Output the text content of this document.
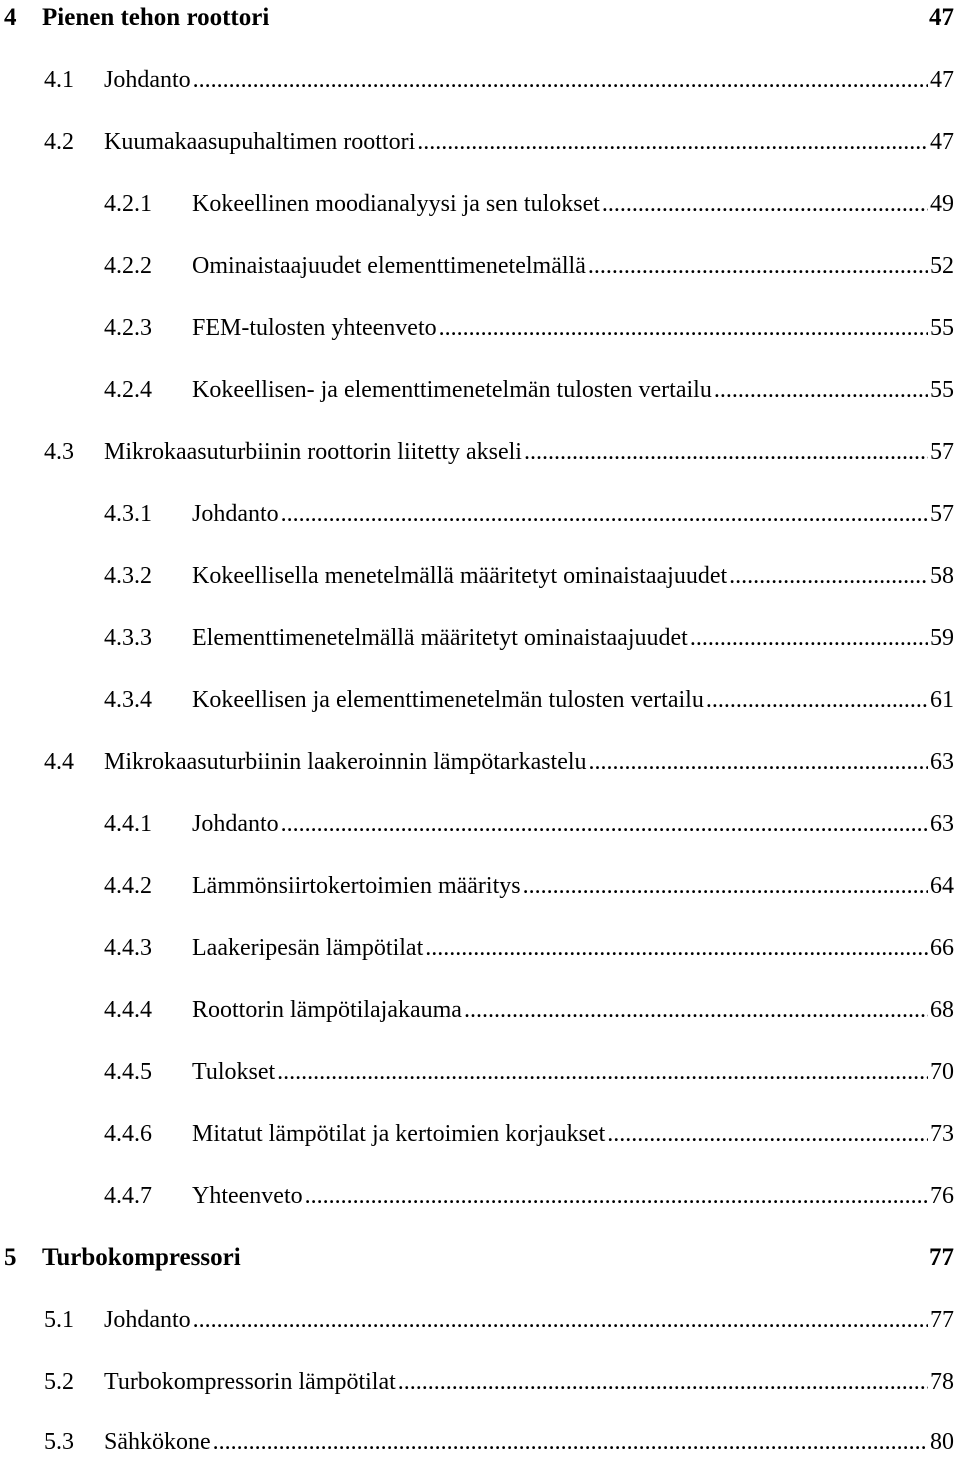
4	Pienen tehon roottori	47
4.1	Johdanto .....	47
4.2	Kuumakaasupuhaltimen roottori .....	47
4.2.1	Kokeellinen moodianalyysi ja sen tulokset .....	49
4.2.2	Ominaistaajuudet elementtimenetelmällä .....	52
4.2.3	FEM-tulosten yhteenveto .....	55
4.2.4	Kokeellisen- ja elementtimenetelmän tulosten vertailu .....	55
4.3	Mikrokaasuturbiinin roottorin liitetty akseli .....	57
4.3.1	Johdanto .....	57
4.3.2	Kokeellisella menetelmällä määritetyt ominaistaajuudet .....	58
4.3.3	Elementtimenetelmällä määritetyt ominaistaajuudet .....	59
4.3.4	Kokeellisen ja elementtimenetelmän tulosten vertailu .....	61
4.4	Mikrokaasuturbiinin laakeroinnin lämpötarkastelu .....	63
4.4.1	Johdanto .....	63
4.4.2	Lämmönsiirtokertoimien määritys .....	64
4.4.3	Laakeripesän lämpötilat .....	66
4.4.4	Roottorin lämpötilajakauma .....	68
4.4.5	Tulokset .....	70
4.4.6	Mitatut lämpötilat ja kertoimien korjaukset .....	73
4.4.7	Yhteenveto .....	76
5	Turbokompressori	77
5.1	Johdanto .....	77
5.2	Turbokompressorin lämpötilat .....	78
5.3	Sähkökone .....	80
